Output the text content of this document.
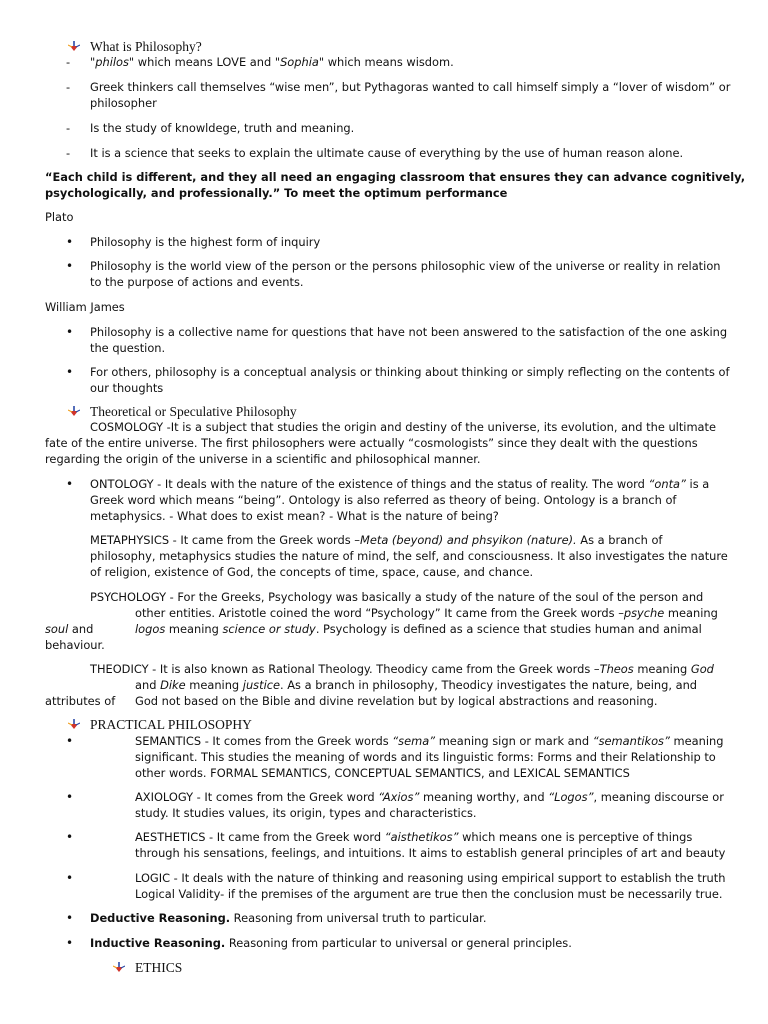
What is Philosophy?
- "philos" which means LOVE and "Sophia" which means wisdom.
- Greek thinkers call themselves “wise men”, but Pythagoras wanted to call himself simply a “lover of wisdom” or
philosopher
- Is the study of knowldege, truth and meaning.
- It is a science that seeks to explain the ultimate cause of everything by the use of human reason alone.
“Each child is different, and they all need an engaging classroom that ensures they can advance cognitively,
psychologically, and professionally.” To meet the optimum performance
Plato
• Philosophy is the highest form of inquiry
• Philosophy is the world view of the person or the persons philosophic view of the universe or reality in relation
to the purpose of actions and events.
William James
• Philosophy is a collective name for questions that have not been answered to the satisfaction of the one asking
the question.
• For others, philosophy is a conceptual analysis or thinking about thinking or simply reflecting on the contents of
our thoughts
Theoretical or Speculative Philosophy
COSMOLOGY -It is a subject that studies the origin and destiny of the universe, its evolution, and the ultimate
fate of the entire universe. The first philosophers were actually “cosmologists” since they dealt with the questions
regarding the origin of the universe in a scientific and philosophical manner.
• ONTOLOGY - It deals with the nature of the existence of things and the status of reality. The word “onta” is a
Greek word which means “being”. Ontology is also referred as theory of being. Ontology is a branch of
metaphysics. - What does to exist mean? - What is the nature of being?
METAPHYSICS - It came from the Greek words –Meta (beyond) and phsyikon (nature). As a branch of
philosophy, metaphysics studies the nature of mind, the self, and consciousness. It also investigates the nature
of religion, existence of God, the concepts of time, space, cause, and chance.
PSYCHOLOGY - For the Greeks, Psychology was basically a study of the nature of the soul of the person and
other entities. Aristotle coined the word “Psychology” It came from the Greek words –psyche meaning
soul and	logos meaning science or study. Psychology is defined as a science that studies human and animal
behaviour.
THEODICY - It is also known as Rational Theology. Theodicy came from the Greek words –Theos meaning God
and Dike meaning justice. As a branch in philosophy, Theodicy investigates the nature, being, and
attributes of God not based on the Bible and divine revelation but by logical abstractions and reasoning.
PRACTICAL PHILOSOPHY
•	SEMANTICS - It comes from the Greek words “sema” meaning sign or mark and “semantikos” meaning
significant. This studies the meaning of words and its linguistic forms: Forms and their Relationship to
other words. FORMAL SEMANTICS, CONCEPTUAL SEMANTICS, and LEXICAL SEMANTICS
•	AXIOLOGY - It comes from the Greek word “Axios” meaning worthy, and “Logos”, meaning discourse or
study. It studies values, its origin, types and characteristics.
•	AESTHETICS - It came from the Greek word “aisthetikos” which means one is perceptive of things
through his sensations, feelings, and intuitions. It aims to establish general principles of art and beauty
•	LOGIC - It deals with the nature of thinking and reasoning using empirical support to establish the truth
Logical Validity- if the premises of the argument are true then the conclusion must be necessarily true.
• Deductive Reasoning. Reasoning from universal truth to particular.
• Inductive Reasoning. Reasoning from particular to universal or general principles.
ETHICS
